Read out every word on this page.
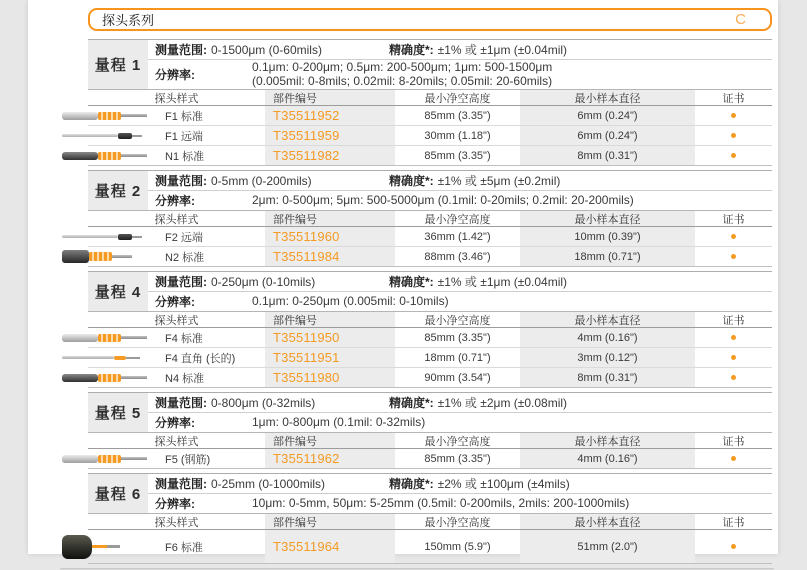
探头系列	C
量程 1
测量范围: 0-1500μm (0-60mils)	精确度*: ±1% 或 ±1μm (±0.04mil)
分辨率:
0.1μm: 0-200μm; 0.5μm: 200-500μm; 1μm: 500-1500μm
(0.005mil: 0-8mils; 0.02mil: 8-20mils; 0.05mil: 20-60mils)
探头样式	部件编号	最小净空高度	最小样本直径	证书
F1 标准	T35511952	85mm (3.35")	6mm (0.24")
F1 远端	T35511959	30mm (1.18")	6mm (0.24")
N1 标准	T35511982	85mm (3.35")	8mm (0.31")
量程 2
测量范围: 0-5mm (0-200mils)	精确度*: ±1% 或 ±5μm (±0.2mil)
分辨率:	2μm: 0-500μm; 5μm: 500-5000μm (0.1mil: 0-20mils; 0.2mil: 20-200mils)
探头样式	部件编号	最小净空高度	最小样本直径	证书
F2 远端	T35511960	36mm (1.42")	10mm (0.39")
N2 标准	T35511984	88mm (3.46")	18mm (0.71")
量程 4
测量范围: 0-250μm (0-10mils)	精确度*: ±1% 或 ±1μm (±0.04mil)
分辨率:	0.1μm: 0-250μm (0.005mil: 0-10mils)
探头样式	部件编号	最小净空高度	最小样本直径	证书
F4 标准	T35511950	85mm (3.35")	4mm (0.16")
F4 直角 (长的)	T35511951	18mm (0.71")	3mm (0.12")
N4 标准	T35511980	90mm (3.54")	8mm (0.31")
量程 5
测量范围: 0-800μm (0-32mils)	精确度*: ±1% 或 ±2μm (±0.08mil)
分辨率:	1μm: 0-800μm (0.1mil: 0-32mils)
探头样式	部件编号	最小净空高度	最小样本直径	证书
F5 (钢筋)	T35511962	85mm (3.35")	4mm (0.16")
量程 6
测量范围: 0-25mm (0-1000mils)	精确度*: ±2% 或 ±100μm (±4mils)
分辨率:	10μm: 0-5mm, 50μm: 5-25mm (0.5mil: 0-200mils, 2mils: 200-1000mils)
探头样式	部件编号	最小净空高度	最小样本直径	证书
F6 标准	T35511964	150mm (5.9")	51mm (2.0")
